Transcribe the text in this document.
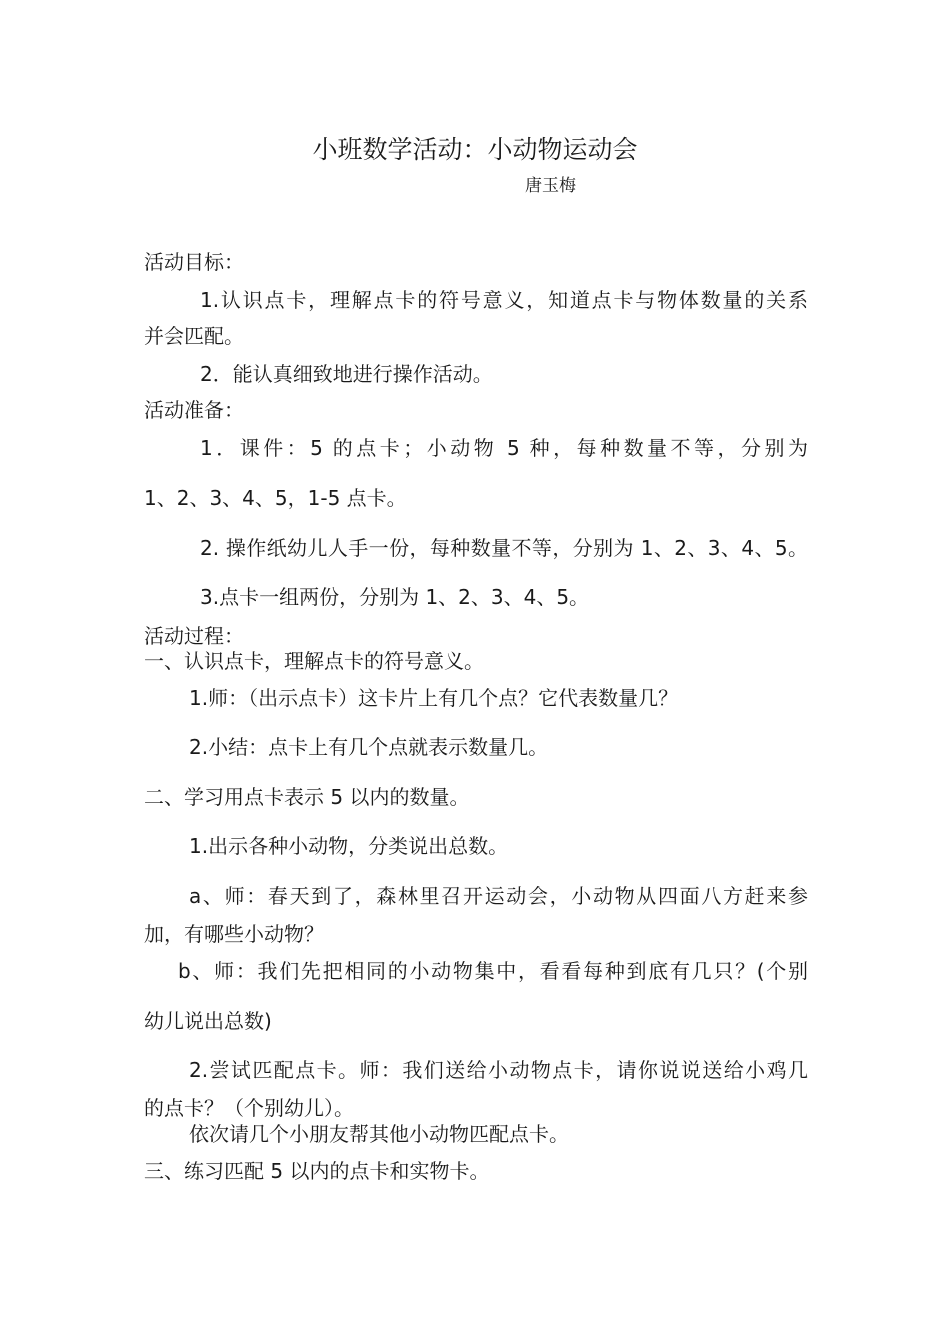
小班数学活动：小动物运动会
唐玉梅
活动目标：
1.认识点卡，理解点卡的符号意义，知道点卡与物体数量的关系
并会匹配。
2．能认真细致地进行操作活动。
活动准备：
1．课件：5 的点卡；小动物 5 种，每种数量不等，分别为
1、2、3、4、5，1-5 点卡。
2. 操作纸幼儿人手一份，每种数量不等，分别为 1、2、3、4、5。
3.点卡一组两份，分别为 1、2、3、4、5。
活动过程：
一、认识点卡，理解点卡的符号意义。
1.师：（出示点卡）这卡片上有几个点？它代表数量几？
2.小结：点卡上有几个点就表示数量几。
二、学习用点卡表示 5 以内的数量。
1.出示各种小动物，分类说出总数。
a、师：春天到了，森林里召开运动会，小动物从四面八方赶来参
加，有哪些小动物？
b、师：我们先把相同的小动物集中，看看每种到底有几只？(个别
幼儿说出总数)
2.尝试匹配点卡。师：我们送给小动物点卡，请你说说送给小鸡几
的点卡？（个别幼儿）。
依次请几个小朋友帮其他小动物匹配点卡。
三、练习匹配 5 以内的点卡和实物卡。
